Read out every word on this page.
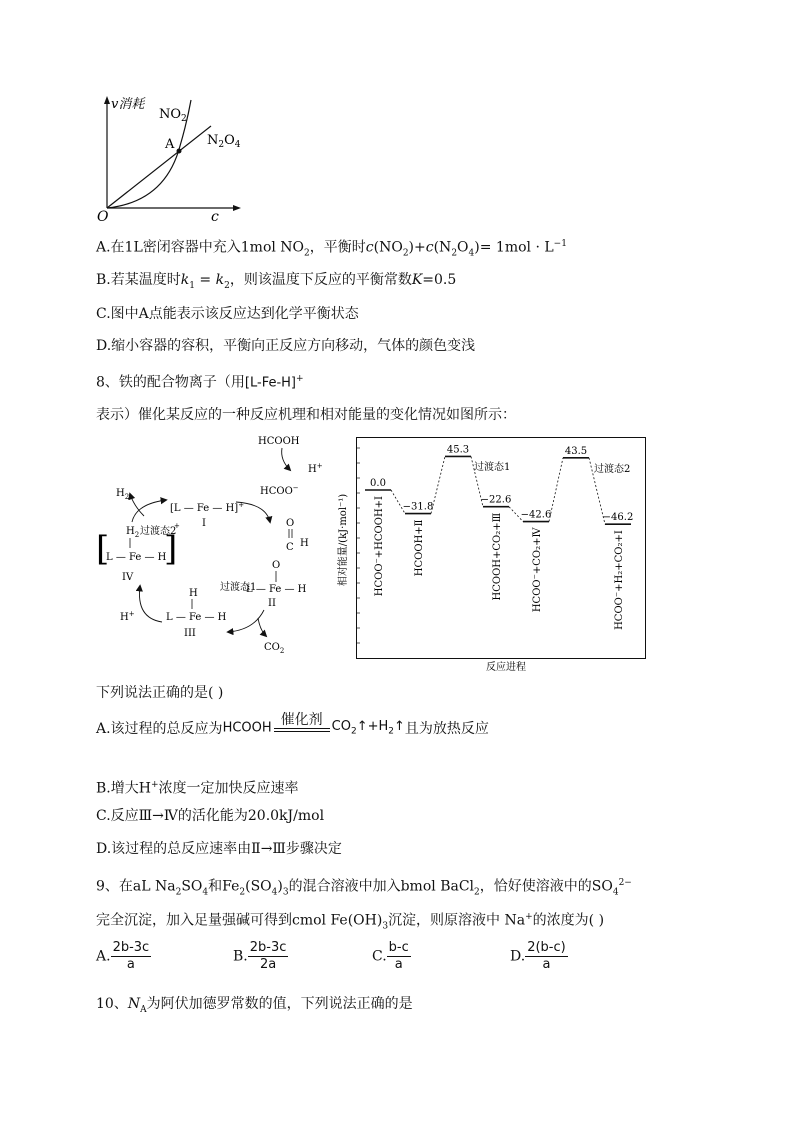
v消耗
c
O
A
$NO_2$
$N_2O_4$
A.在1L密闭容器中充入1mol $NO_2$，平衡时$c(NO_2)+c(N_2O_4)= 1mol \cdot L^{-1}$
B.若某温度时$k_1 = k_2$，则该温度下反应的平衡常数K=0.5
C.图中A点能表示该反应达到化学平衡状态
D.缩小容器的容积，平衡向正反应方向移动，气体的颜色变浅
8、铁的配合物离子（用[L-Fe-H]+
表示）催化某反应的一种反应机理和相对能量的变化情况如图所示：
HCOOH
H+
HCOO−
$H_2$
[L — Fe — H]+
I
过渡态2
O
C H
O
L — Fe — H
II
[ $H_2$
L — Fe — H
]
+
IV
过渡态1
H
L — Fe — H
III
H+
$CO_2$
0.0
HCOO⁻+HCOOH+Ⅰ −31.8
HCOOH+Ⅱ
45.3
−22.6
HCOOH+CO₂+Ⅲ −42.6
HCOO⁻+CO₂+Ⅳ
43.5
−46.2
HCOO⁻+H₂+CO₂+Ⅰ
过渡态1	过渡态2
相对能量/(kJ·mol⁻¹)
反应进程
下列说法正确的是( )
A.该过程的总反应为HCOOH 催化剂 $CO_2↑+H_2↑$且为放热反应
B.增大H+浓度一定加快反应速率
C.反应Ⅲ→Ⅳ的活化能为20.0kJ/mol
D.该过程的总反应速率由Ⅱ→Ⅲ步骤决定
9、在aL $Na_2SO_4$和$Fe_2(SO_4)_3$的混合溶液中加入bmol BaCl$_2$，恰好使溶液中的$SO_4^{2-}$
完全沉淀，加入足量强碱可得到cmol $Fe(OH)_3$沉淀，则原溶液中 Na+的浓度为( )
A. $\frac{2b-3c}{a}$	B. $\frac{2b-3c}{2a}$	C. $\frac{b-c}{a}$	D. $\frac{2(b-c)}{a}$
10、$N_A$为阿伏加德罗常数的值，下列说法正确的是
